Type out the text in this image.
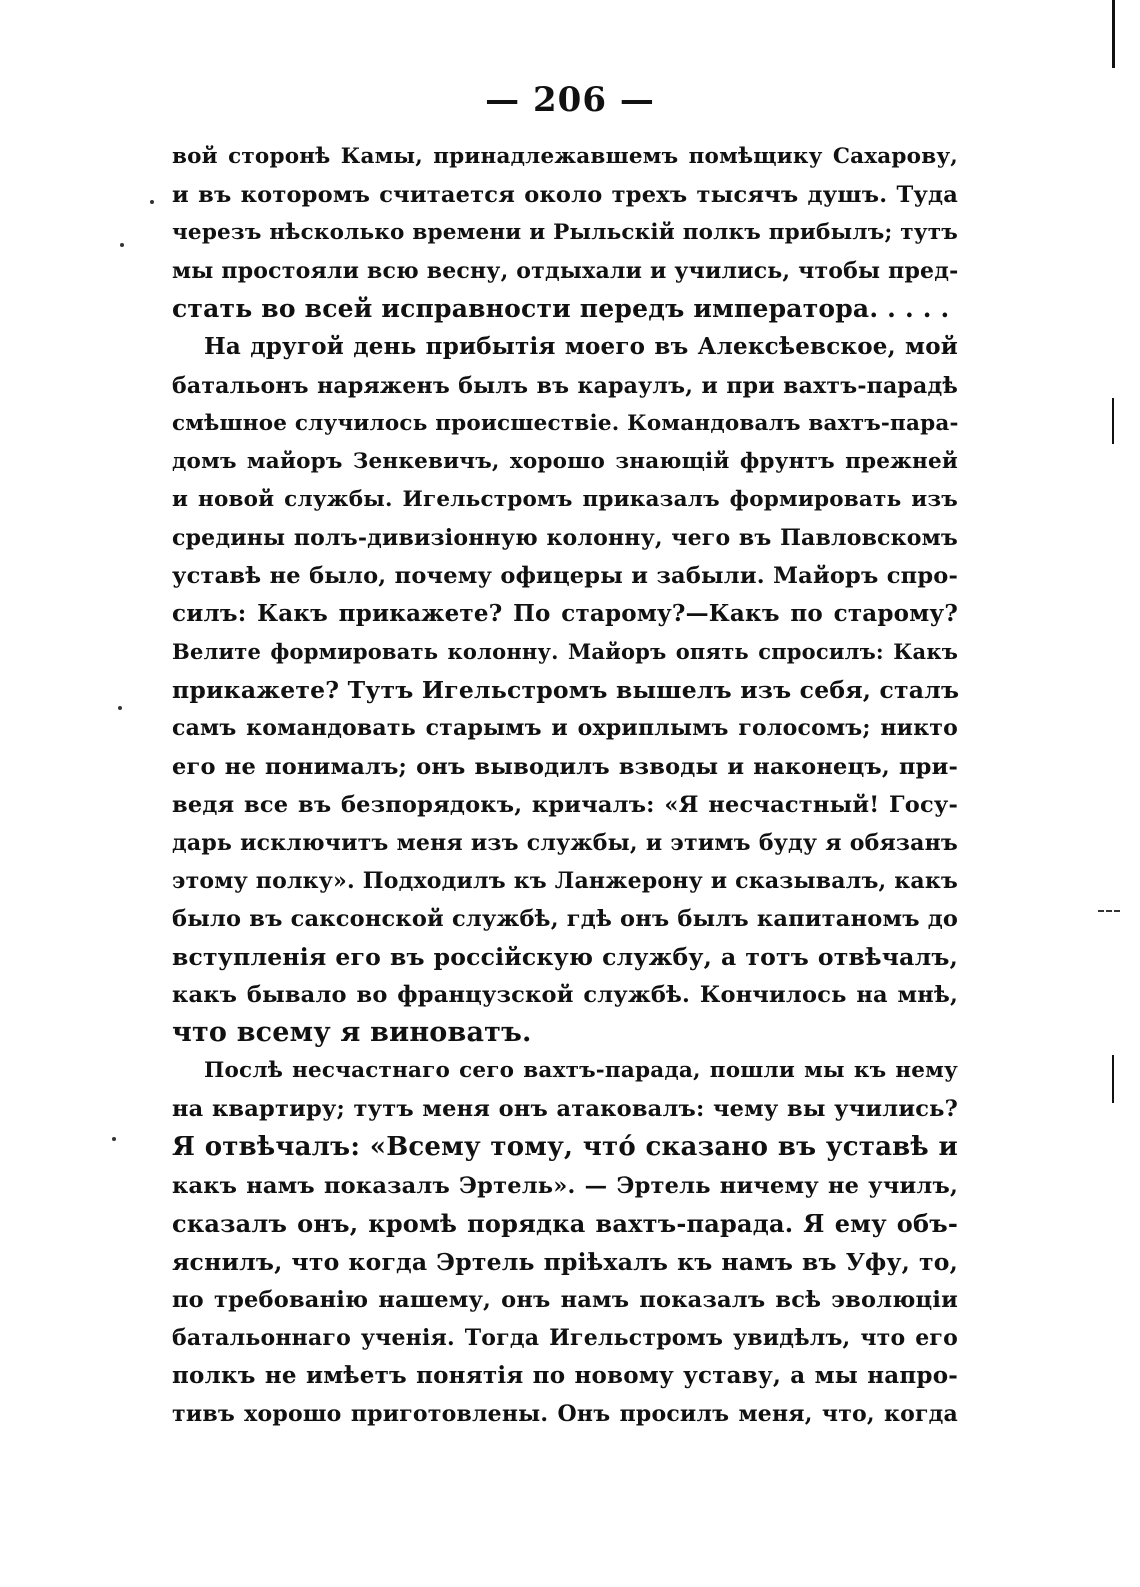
— 206 —
вой сторонѣ Камы, принадлежавшемъ помѣщику Сахарову,
и въ которомъ считается около трехъ тысячъ душъ. Туда
черезъ нѣсколько времени и Рыльскій полкъ прибылъ; тутъ
мы простояли всю весну, отдыхали и учились, чтобы пред-
стать во всей исправности передъ императора. . . . .
На другой день прибытія моего въ Алексѣевское, мой
батальонъ наряженъ былъ въ караулъ, и при вахтъ-парадѣ
смѣшное случилось происшествіе. Командовалъ вахтъ-пара-
домъ майоръ Зенкевичъ, хорошо знающій фрунтъ прежней
и новой службы. Игельстромъ приказалъ формировать изъ
средины полъ-дивизіонную колонну, чего въ Павловскомъ
уставѣ не было, почему офицеры и забыли. Майоръ спро-
силъ: Какъ прикажете? По старому?—Какъ по старому?
Велите формировать колонну. Майоръ опять спросилъ: Какъ
прикажете? Тутъ Игельстромъ вышелъ изъ себя, сталъ
самъ командовать старымъ и охриплымъ голосомъ; никто
его не понималъ; онъ выводилъ взводы и наконецъ, при-
ведя все въ безпорядокъ, кричалъ: «Я несчастный! Госу-
дарь исключитъ меня изъ службы, и этимъ буду я обязанъ
этому полку». Подходилъ къ Ланжерону и сказывалъ, какъ
было въ саксонской службѣ, гдѣ онъ былъ капитаномъ до
вступленія его въ россійскую службу, а тотъ отвѣчалъ,
какъ бывало во французской службѣ. Кончилось на мнѣ,
что всему я виноватъ.
Послѣ несчастнаго сего вахтъ-парада, пошли мы къ нему
на квартиру; тутъ меня онъ атаковалъ: чему вы учились?
Я отвѣчалъ: «Всему тому, что́ сказано въ уставѣ и
какъ намъ показалъ Эртель». — Эртель ничему не училъ,
сказалъ онъ, кромѣ порядка вахтъ-парада. Я ему объ-
яснилъ, что когда Эртель пріѣхалъ къ намъ въ Уфу, то,
по требованію нашему, онъ намъ показалъ всѣ эволюціи
батальоннаго ученія. Тогда Игельстромъ увидѣлъ, что его
полкъ не имѣетъ понятія по новому уставу, а мы напро-
тивъ хорошо приготовлены. Онъ просилъ меня, что, когда
